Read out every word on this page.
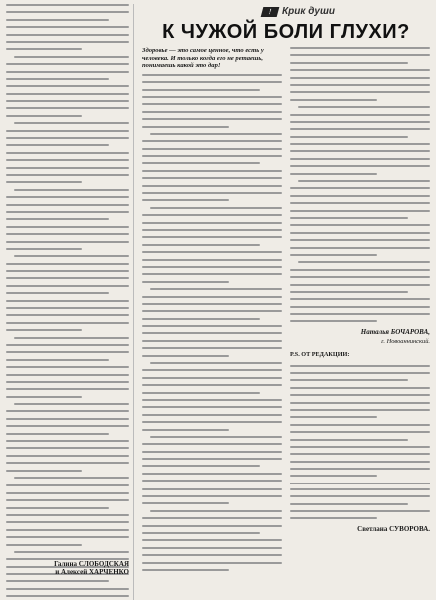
Галина СЛОБОДСКАЯ
и Алексей ХАРЧЕНКО
! Крик души
К ЧУЖОЙ БОЛИ ГЛУХИ?

Здоровье — это самое ценное, что есть у человека. И только когда его не ретаешь, понимаешь какой это дар!

Наталья БОЧАРОВА,
г. Новоаннинский.

P.S. ОТ РЕДАКЦИИ:

Светлана СУВОРОВА.
